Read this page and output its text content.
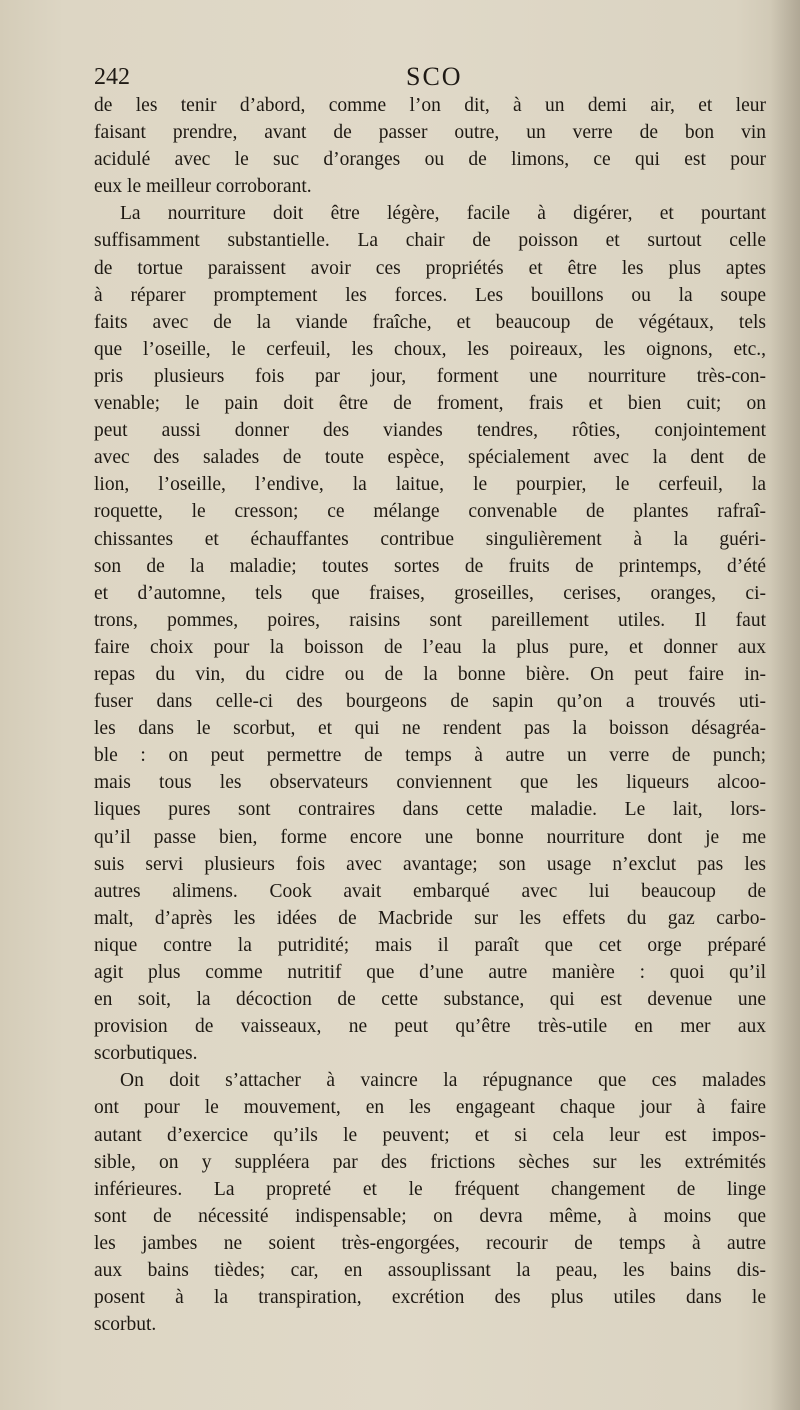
242	SCO
de les tenir d’abord, comme l’on dit, à un demi air, et leur
faisant prendre, avant de passer outre, un verre de bon vin
acidulé avec le suc d’oranges ou de limons, ce qui est pour
eux le meilleur corroborant.
La nourriture doit être légère, facile à digérer, et pourtant
suffisamment substantielle. La chair de poisson et surtout celle
de tortue paraissent avoir ces propriétés et être les plus aptes
à réparer promptement les forces. Les bouillons ou la soupe
faits avec de la viande fraîche, et beaucoup de végétaux, tels
que l’oseille, le cerfeuil, les choux, les poireaux, les oignons, etc.,
pris plusieurs fois par jour, forment une nourriture très-con-
venable; le pain doit être de froment, frais et bien cuit; on
peut aussi donner des viandes tendres, rôties, conjointement
avec des salades de toute espèce, spécialement avec la dent de
lion, l’oseille, l’endive, la laitue, le pourpier, le cerfeuil, la
roquette, le cresson; ce mélange convenable de plantes rafraî-
chissantes et échauffantes contribue singulièrement à la guéri-
son de la maladie; toutes sortes de fruits de printemps, d’été
et d’automne, tels que fraises, groseilles, cerises, oranges, ci-
trons, pommes, poires, raisins sont pareillement utiles. Il faut
faire choix pour la boisson de l’eau la plus pure, et donner aux
repas du vin, du cidre ou de la bonne bière. On peut faire in-
fuser dans celle-ci des bourgeons de sapin qu’on a trouvés uti-
les dans le scorbut, et qui ne rendent pas la boisson désagréa-
ble : on peut permettre de temps à autre un verre de punch;
mais tous les observateurs conviennent que les liqueurs alcoo-
liques pures sont contraires dans cette maladie. Le lait, lors-
qu’il passe bien, forme encore une bonne nourriture dont je me
suis servi plusieurs fois avec avantage; son usage n’exclut pas les
autres alimens. Cook avait embarqué avec lui beaucoup de
malt, d’après les idées de Macbride sur les effets du gaz carbo-
nique contre la putridité; mais il paraît que cet orge préparé
agit plus comme nutritif que d’une autre manière : quoi qu’il
en soit, la décoction de cette substance, qui est devenue une
provision de vaisseaux, ne peut qu’être très-utile en mer aux
scorbutiques.
On doit s’attacher à vaincre la répugnance que ces malades
ont pour le mouvement, en les engageant chaque jour à faire
autant d’exercice qu’ils le peuvent; et si cela leur est impos-
sible, on y suppléera par des frictions sèches sur les extrémités
inférieures. La propreté et le fréquent changement de linge
sont de nécessité indispensable; on devra même, à moins que
les jambes ne soient très-engorgées, recourir de temps à autre
aux bains tièdes; car, en assouplissant la peau, les bains dis-
posent à la transpiration, excrétion des plus utiles dans le
scorbut.
